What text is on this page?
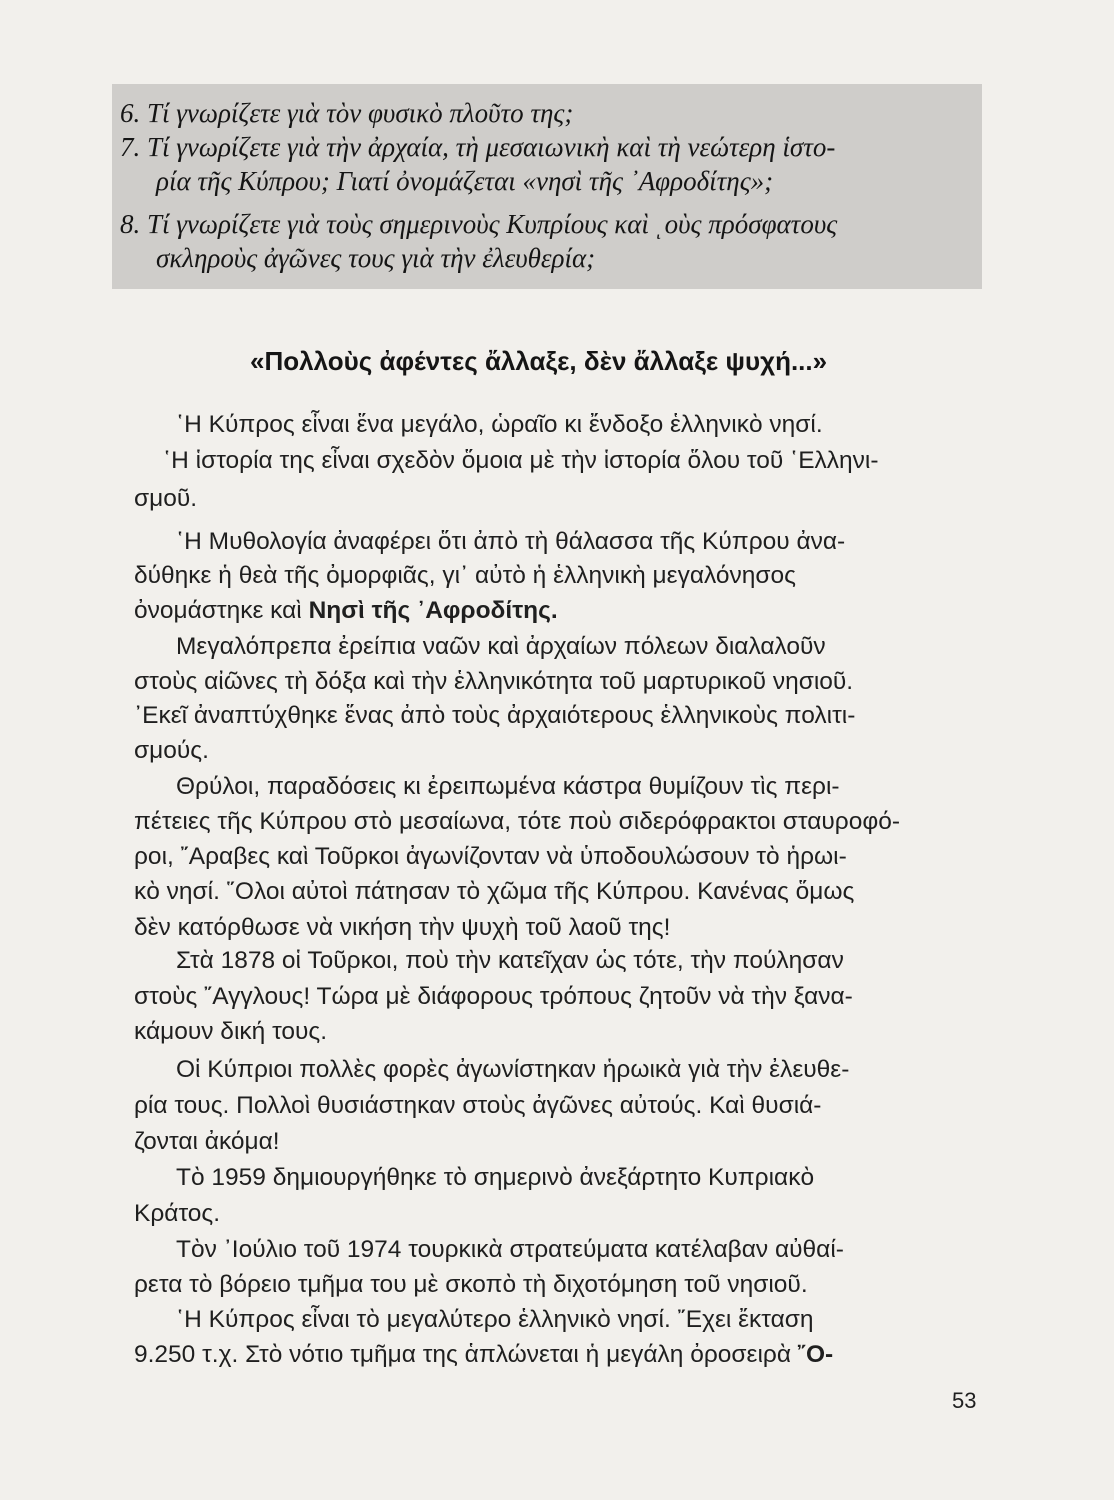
6. Τί γνωρίζετε γιὰ τὸν φυσικὸ πλοῦτο της;
7. Τί γνωρίζετε γιὰ τὴν ἀρχαία, τὴ μεσαιωνικὴ καὶ τὴ νεώτερη ἱστο-
ρία τῆς Κύπρου; Γιατί ὀνομάζεται «νησὶ τῆς ᾿Αφροδίτης»;
8. Τί γνωρίζετε γιὰ τοὺς σημερινοὺς Κυπρίους καὶ ͺοὺς πρόσφατους
σκληροὺς ἀγῶνες τους γιὰ τὴν ἐλευθερία;
«Πολλοὺς ἀφέντες ἄλλαξε, δὲν ἄλλαξε ψυχή...»
῾Η Κύπρος εἶναι ἕνα μεγάλο, ὡραῖο κι ἔνδοξο ἑλληνικὸ νησί.
῾Η ἱστορία της εἶναι σχεδὸν ὅμοια μὲ τὴν ἱστορία ὅλου τοῦ ῾Ελληνι-
σμοῦ.
῾Η Μυθολογία ἀναφέρει ὅτι ἀπὸ τὴ θάλασσα τῆς Κύπρου ἀνα-
δύθηκε ἡ θεὰ τῆς ὀμορφιᾶς, γι᾿ αὐτὸ ἡ ἑλληνικὴ μεγαλόνησος
ὀνομάστηκε καὶ Νησὶ τῆς ᾿Αφροδίτης.
Μεγαλόπρεπα ἐρείπια ναῶν καὶ ἀρχαίων πόλεων διαλαλοῦν
στοὺς αἰῶνες τὴ δόξα καὶ τὴν ἑλληνικότητα τοῦ μαρτυρικοῦ νησιοῦ.
᾿Εκεῖ ἀναπτύχθηκε ἕνας ἀπὸ τοὺς ἀρχαιότερους ἑλληνικοὺς πολιτι-
σμούς.
Θρύλοι, παραδόσεις κι ἐρειπωμένα κάστρα θυμίζουν τὶς περι-
πέτειες τῆς Κύπρου στὸ μεσαίωνα, τότε ποὺ σιδερόφρακτοι σταυροφό-
ροι, ῎Αραβες καὶ Τοῦρκοι ἀγωνίζονταν νὰ ὑποδουλώσουν τὸ ἡρωι-
κὸ νησί. ῞Ολοι αὐτοὶ πάτησαν τὸ χῶμα τῆς Κύπρου. Κανένας ὅμως
δὲν κατόρθωσε νὰ νικήση τὴν ψυχὴ τοῦ λαοῦ της!
Στὰ 1878 οἱ Τοῦρκοι, ποὺ τὴν κατεῖχαν ὡς τότε, τὴν πούλησαν
στοὺς ῎Αγγλους! Τώρα μὲ διάφορους τρόπους ζητοῦν νὰ τὴν ξανα-
κάμουν δική τους.
Οἱ Κύπριοι πολλὲς φορὲς ἀγωνίστηκαν ἡρωικὰ γιὰ τὴν ἐλευθε-
ρία τους. Πολλοὶ θυσιάστηκαν στοὺς ἀγῶνες αὐτούς. Καὶ θυσιά-
ζονται ἀκόμα!
Τὸ 1959 δημιουργήθηκε τὸ σημερινὸ ἀνεξάρτητο Κυπριακὸ
Κράτος.
Τὸν ᾿Ιούλιο τοῦ 1974 τουρκικὰ στρατεύματα κατέλαβαν αὐθαί-
ρετα τὸ βόρειο τμῆμα του μὲ σκοπὸ τὴ διχοτόμηση τοῦ νησιοῦ.
῾Η Κύπρος εἶναι τὸ μεγαλύτερο ἑλληνικὸ νησί. ῎Εχει ἔκταση
9.250 τ.χ. Στὸ νότιο τμῆμα της ἁπλώνεται ἡ μεγάλη ὀροσειρὰ ῎Ο-
53
